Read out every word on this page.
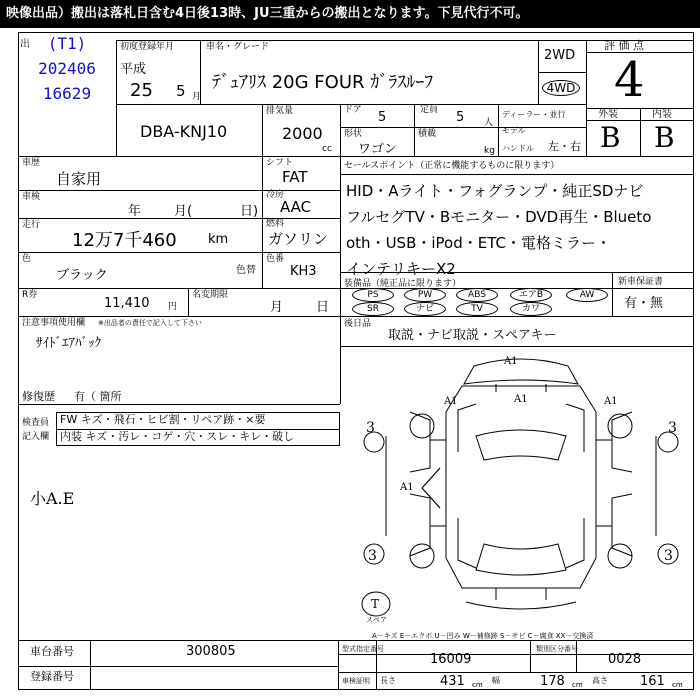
映像出品）搬出は落札日含む4日後13時、JU三重からの搬出となります。下見代行不可。
(T1)
202406
16629
出	初度登録年月
平成
25 5 月
車名・グレード
ﾃﾞｭｱﾘｽ 20G FOUR ｶﾞﾗｽﾙｰﾌ
2WD
4WD
評 価 点
4
DBA-KNJ10
排気量
2000
cc
ドア 5	定員 5 人
ディーラー・並行
形状
ワゴン
積載
kg
モデル
ハンドル 左・右
外装	内装
B B
車歴
自家用
車検
年	月(	日)
走行
12万7千460 km
色
ブラック	色替
色番
KH3
シフト
FAT
冷房
AAC
燃料
ガソリン
R券
11,410 円
名変期限
月	日
セールスポイント（正常に機能するものに限ります）
HID・Aライト・フォグランプ・純正SDナビ
フルセグTV・Bモニター・DVD再生・Blueto
oth・USB・iPod・ETC・電格ミラー・
インテリキーX2
装備品（純正品に限ります）	新車保証書
有・無
PS	PW	ABS	エアB	AW
SR	ナビ	TV	カワ
後日品
取説・ナビ取説・スペアキー
注意事項使用欄 ※出品者の責任で記入して下さい
ｻｲﾄﾞｴｱﾊﾞｯｸ
修復歴 有（ 箇所
検査員
記入欄
FW キズ・飛石・ヒビ割・リペア跡・×要
内装 キズ・汚レ・コゲ・穴・スレ・キレ・破し
小A.E
A1
A1	A1	A1
A1
3	3
3	3
T
スペア
A－キズ E－エクボ U－凹み W－補修跡 S－サビ C－腐食 XX－交換済
車台番号	300805
登録番号
型式指定番号
16009
類別区分番号
0028
車検証明 長さ	431 cm 幅	178 cm 高さ 161 cm
